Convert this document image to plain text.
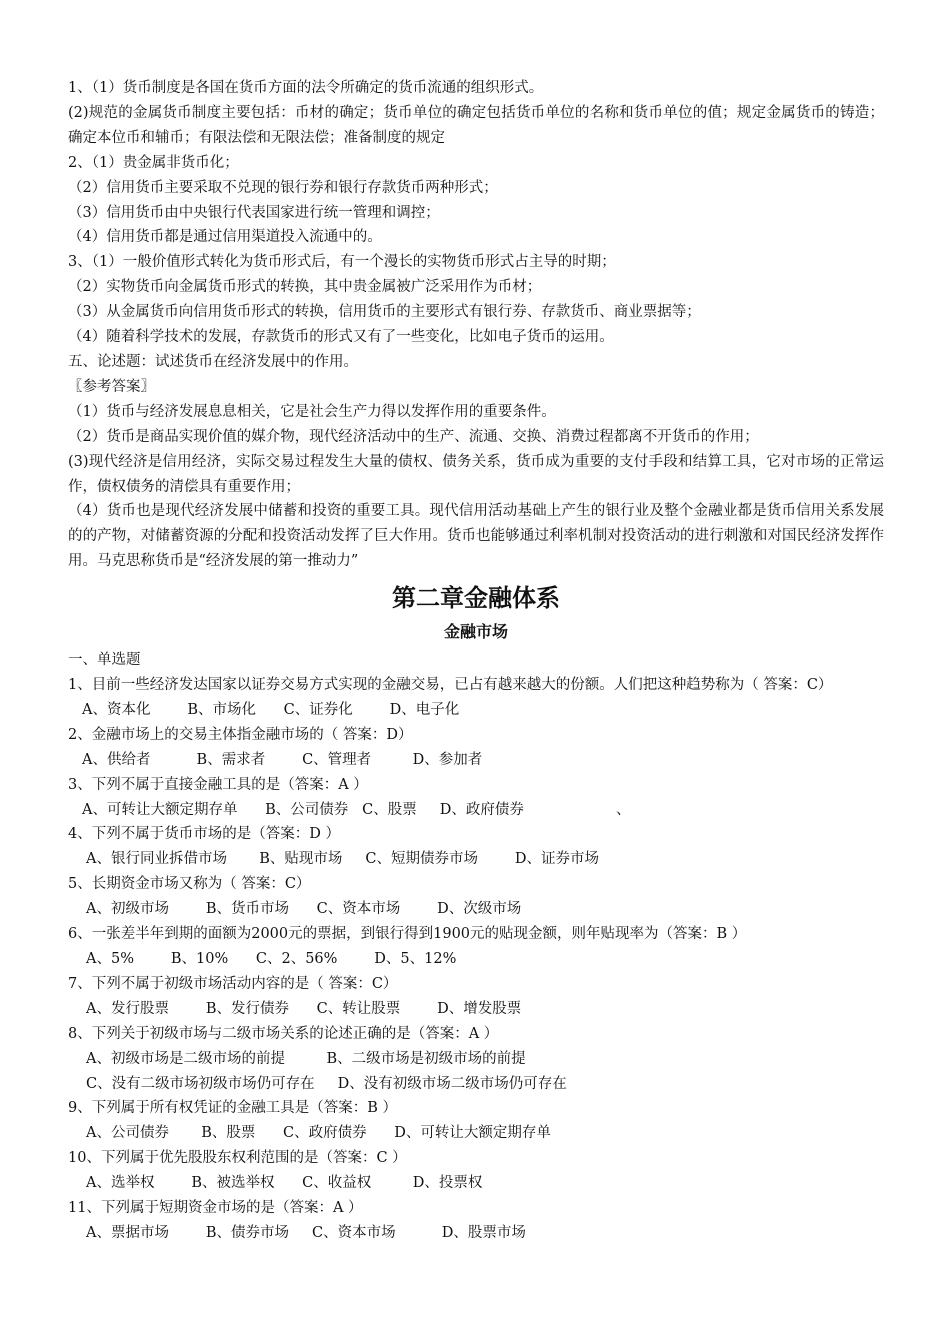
1、（1）货币制度是各国在货币方面的法令所确定的货币流通的组织形式。
(2)规范的金属货币制度主要包括：币材的确定；货币单位的确定包括货币单位的名称和货币单位的值；规定金属货币的铸造；确定本位币和辅币；有限法偿和无限法偿；准备制度的规定
2、（1）贵金属非货币化；
（2）信用货币主要采取不兑现的银行券和银行存款货币两种形式；
（3）信用货币由中央银行代表国家进行统一管理和调控；
（4）信用货币都是通过信用渠道投入流通中的。
3、（1）一般价值形式转化为货币形式后，有一个漫长的实物货币形式占主导的时期；
（2）实物货币向金属货币形式的转换，其中贵金属被广泛采用作为币材；
（3）从金属货币向信用货币形式的转换，信用货币的主要形式有银行券、存款货币、商业票据等；
（4）随着科学技术的发展，存款货币的形式又有了一些变化，比如电子货币的运用。
五、论述题：试述货币在经济发展中的作用。
〖参考答案〗
（1）货币与经济发展息息相关，它是社会生产力得以发挥作用的重要条件。
（2）货币是商品实现价值的媒介物，现代经济活动中的生产、流通、交换、消费过程都离不开货币的作用；
(3)现代经济是信用经济，实际交易过程发生大量的债权、债务关系，货币成为重要的支付手段和结算工具，它对市场的正常运作，债权债务的清偿具有重要作用；
（4）货币也是现代经济发展中储蓄和投资的重要工具。现代信用活动基础上产生的银行业及整个金融业都是货币信用关系发展的的产物，对储蓄资源的分配和投资活动发挥了巨大作用。货币也能够通过利率机制对投资活动的进行刺激和对国民经济发挥作用。马克思称货币是“经济发展的第一推动力”
第二章金融体系
金融市场
一、单选题
1、目前一些经济发达国家以证券交易方式实现的金融交易，已占有越来越大的份额。人们把这种趋势称为（ 答案：C）
A、资本化        B、市场化      C、证券化        D、电子化
2、金融市场上的交易主体指金融市场的（ 答案：D）
A、供给者          B、需求者        C、管理者         D、参加者
3、下列不属于直接金融工具的是（答案：A ）
A、可转让大额定期存单      B、公司债券   C、股票     D、政府债券                    、
4、下列不属于货币市场的是（答案：D ）
A、银行同业拆借市场       B、贴现市场     C、短期债券市场        D、证券市场
5、长期资金市场又称为（ 答案：C）
A、初级市场        B、货币市场      C、资本市场        D、次级市场
6、一张差半年到期的面额为2000元的票据，到银行得到1900元的贴现金额，则年贴现率为（答案：B ）
A、5%        B、10%      C、2、56%        D、5、12%
7、下列不属于初级市场活动内容的是（ 答案：C）
A、发行股票        B、发行债券      C、转让股票        D、增发股票
8、下列关于初级市场与二级市场关系的论述正确的是（答案：A ）
A、初级市场是二级市场的前提         B、二级市场是初级市场的前提
C、没有二级市场初级市场仍可存在     D、没有初级市场二级市场仍可存在
9、下列属于所有权凭证的金融工具是（答案：B ）
A、公司债券       B、股票      C、政府债券      D、可转让大额定期存单
10、下列属于优先股股东权利范围的是（答案：C ）
A、选举权        B、被选举权      C、收益权         D、投票权
11、下列属于短期资金市场的是（答案：A ）
A、票据市场        B、债券市场     C、资本市场          D、股票市场
